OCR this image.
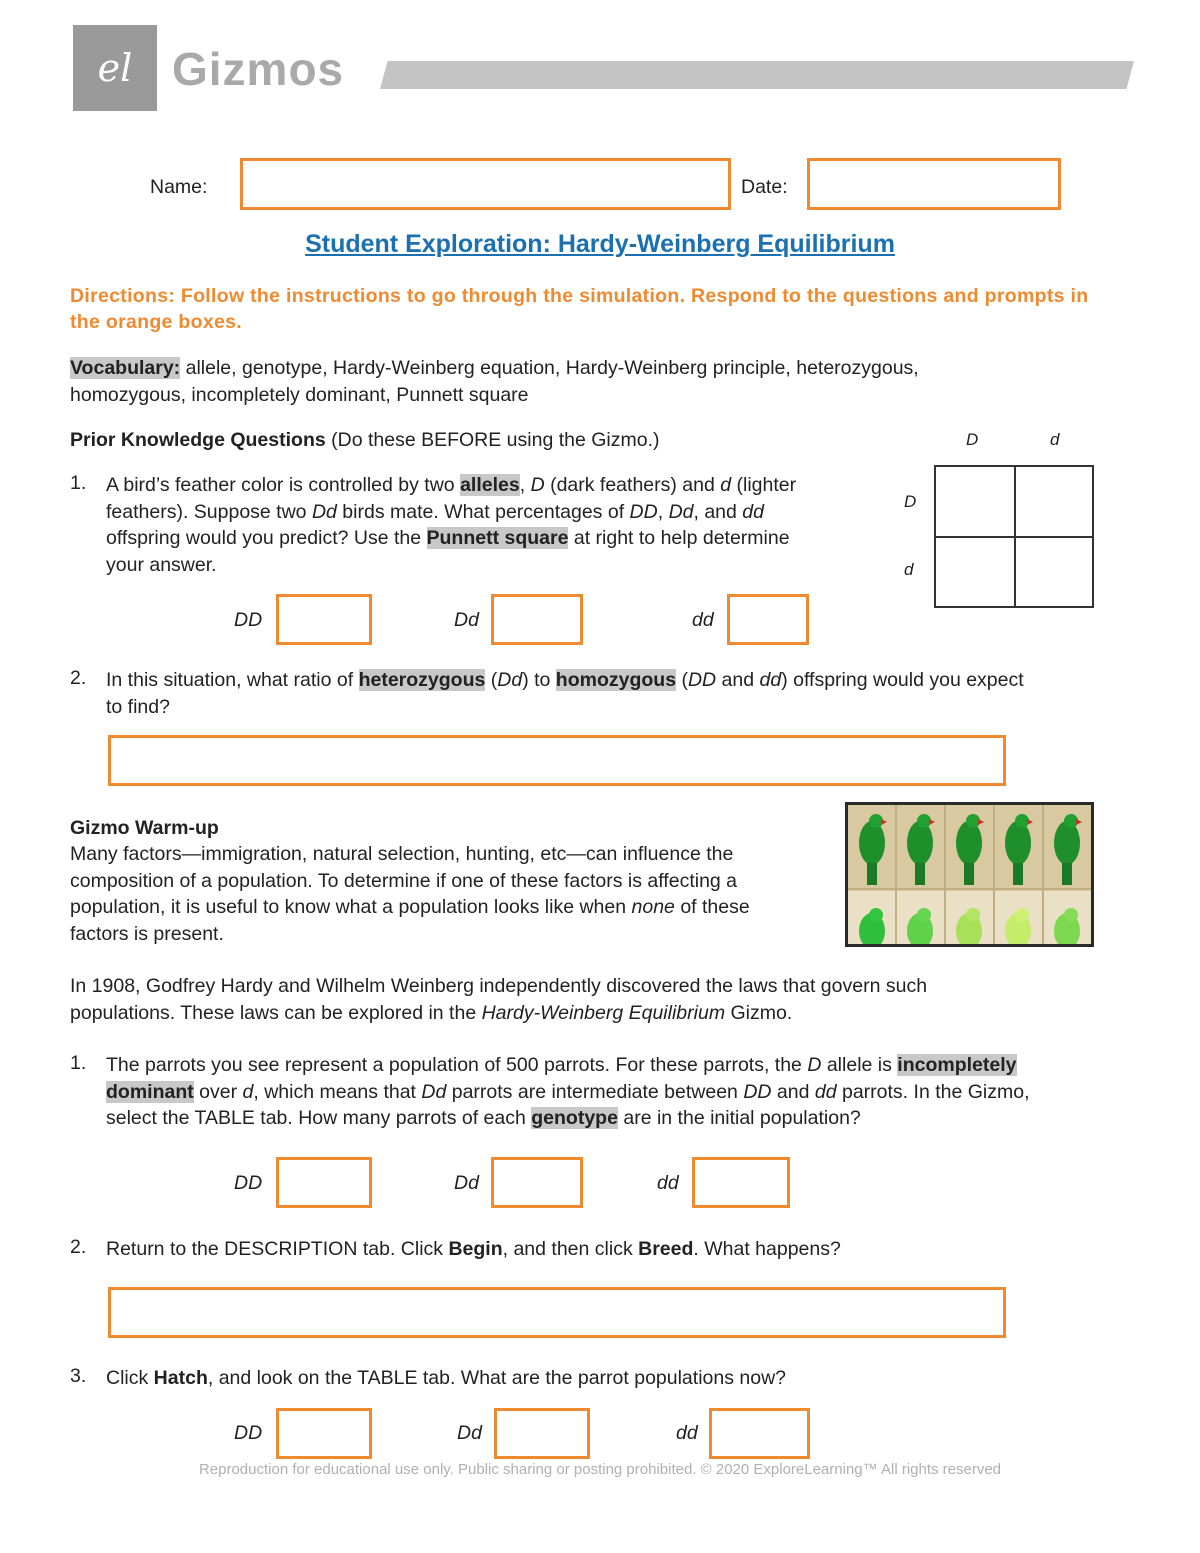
el Gizmos
Name:	Date:
Student Exploration: Hardy-Weinberg Equilibrium
Directions: Follow the instructions to go through the simulation. Respond to the questions and prompts in the orange boxes.
Vocabulary: allele, genotype, Hardy-Weinberg equation, Hardy-Weinberg principle, heterozygous,
homozygous, incompletely dominant, Punnett square
Prior Knowledge Questions (Do these BEFORE using the Gizmo.)	D	d
D
d
1. A bird’s feather color is controlled by two alleles, D (dark feathers) and d (lighter
feathers). Suppose two Dd birds mate. What percentages of DD, Dd, and dd
offspring would you predict? Use the Punnett square at right to help determine
your answer.
DD	Dd	dd
2. In this situation, what ratio of heterozygous (Dd) to homozygous (DD and dd) offspring would you expect
to find?
Gizmo Warm-up
Many factors—immigration, natural selection, hunting, etc—can influence the
composition of a population. To determine if one of these factors is affecting a
population, it is useful to know what a population looks like when none of these
factors is present.
In 1908, Godfrey Hardy and Wilhelm Weinberg independently discovered the laws that govern such
populations. These laws can be explored in the Hardy-Weinberg Equilibrium Gizmo.
1. The parrots you see represent a population of 500 parrots. For these parrots, the D allele is incompletely
dominant over d, which means that Dd parrots are intermediate between DD and dd parrots. In the Gizmo,
select the TABLE tab. How many parrots of each genotype are in the initial population?
DD	Dd	dd
2. Return to the DESCRIPTION tab. Click Begin, and then click Breed. What happens?
3. Click Hatch, and look on the TABLE tab. What are the parrot populations now?
DD	Dd	dd
Reproduction for educational use only. Public sharing or posting prohibited. © 2020 ExploreLearning™ All rights reserved
